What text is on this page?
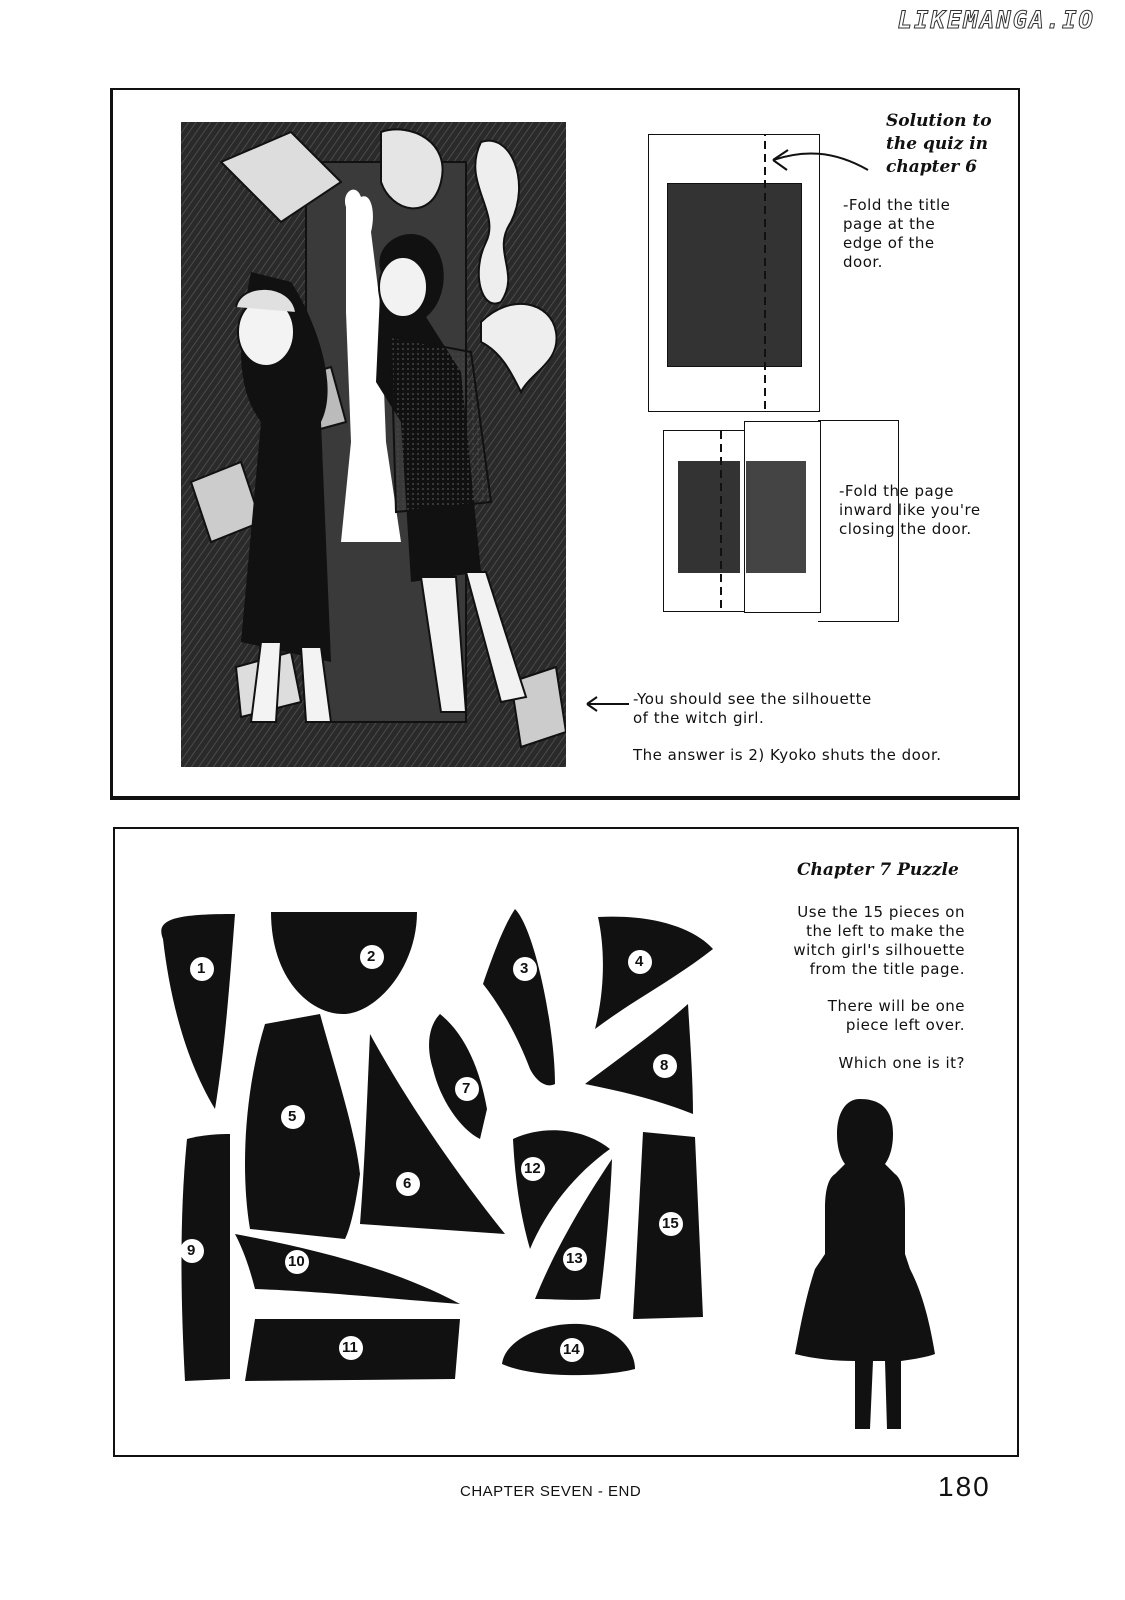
LIKEMANGA.IO
Solution to
the quiz in
chapter 6
-Fold the title
page at the
edge of the
door.
-Fold the page
inward like you're
closing the door.
-You should see the silhouette
of the witch girl.
The answer is 2) Kyoko shuts the door.
Chapter 7 Puzzle
Use the 15 pieces on
the left to make the
witch girl's silhouette
from the title page.
There will be one
piece left over.
Which one is it?
1
2
3	4
5
6
7
8
9
10
11
12
13
14
15
CHAPTER SEVEN - END	180
